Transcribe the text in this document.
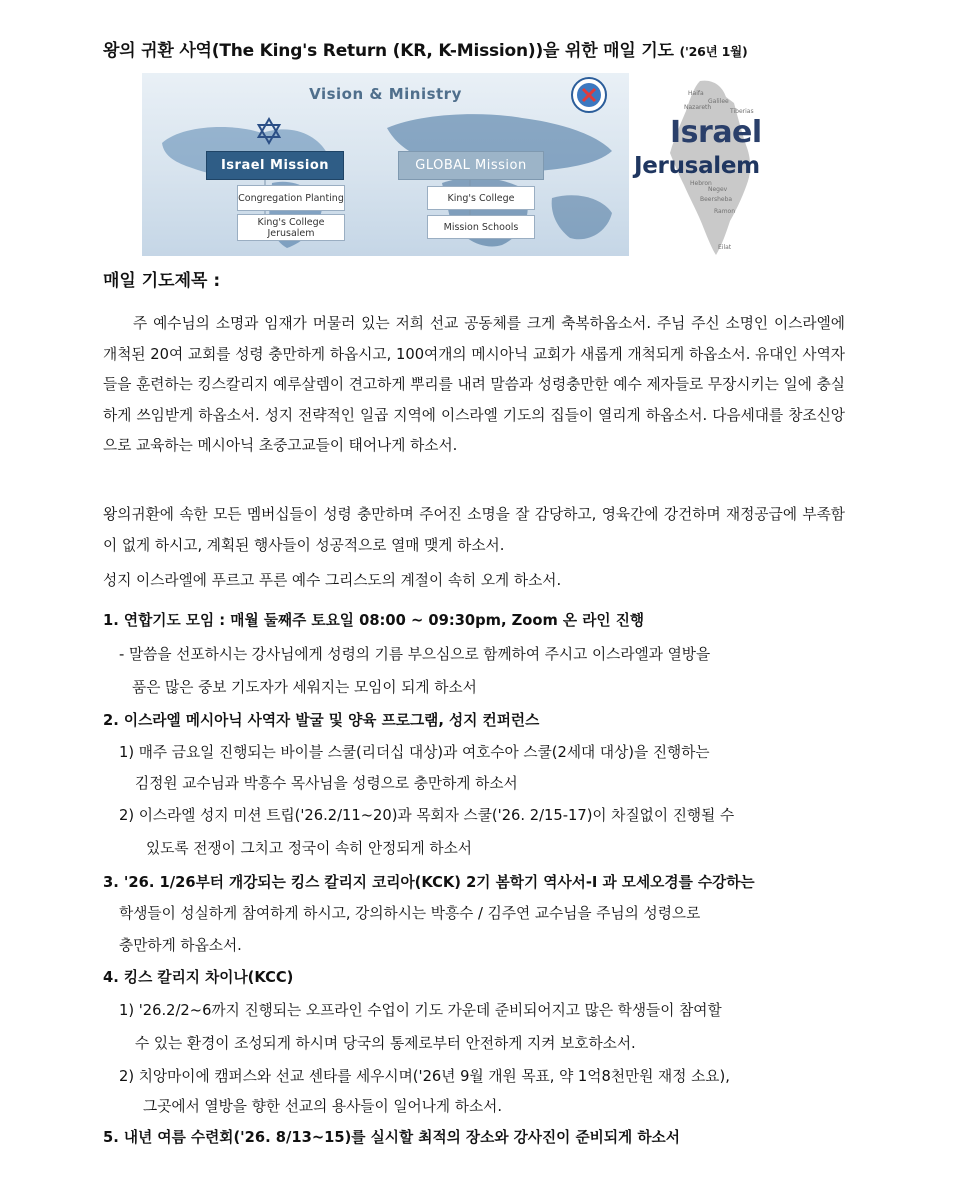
왕의 귀환 사역(The King's Return (KR, K-Mission))을 위한 매일 기도 ('26년 1월)
Vision & Ministry
Israel Mission	GLOBAL Mission
Congregation Planting
King's College Jerusalem
King's College
Mission Schools
Haifa
Galilee
Nazareth
Tiberias
Hebron
Negev
Beersheba
Ramon
Eilat
Israel
Jerusalem
매일 기도제목 :
주 예수님의 소명과 임재가 머물러 있는 저희 선교 공동체를 크게 축복하옵소서. 주님 주신 소명인 이스라엘에 개척된 20여 교회를 성령 충만하게 하옵시고, 100여개의 메시아닉 교회가 새롭게 개척되게 하옵소서. 유대인 사역자들을 훈련하는 킹스칼리지 예루살렘이 견고하게 뿌리를 내려 말씀과 성령충만한 예수 제자들로 무장시키는 일에 충실하게 쓰임받게 하옵소서. 성지 전략적인 일곱 지역에 이스라엘 기도의 집들이 열리게 하옵소서. 다음세대를 창조신앙으로 교육하는 메시아닉 초중고교들이 태어나게 하소서.
왕의귀환에 속한 모든 멤버십들이 성령 충만하며 주어진 소명을 잘 감당하고, 영육간에 강건하며 재정공급에 부족함이 없게 하시고, 계획된 행사들이 성공적으로 열매 맺게 하소서.
성지 이스라엘에 푸르고 푸른 예수 그리스도의 계절이 속히 오게 하소서.
1. 연합기도 모임 : 매월 둘째주 토요일 08:00 ~ 09:30pm, Zoom 온 라인 진행
- 말씀을 선포하시는 강사님에게 성령의 기름 부으심으로 함께하여 주시고 이스라엘과 열방을
품은 많은 중보 기도자가 세워지는 모임이 되게 하소서
2. 이스라엘 메시아닉 사역자 발굴 및 양육 프로그램, 성지 컨퍼런스
1) 매주 금요일 진행되는 바이블 스쿨(리더십 대상)과 여호수아 스쿨(2세대 대상)을 진행하는
김정원 교수님과 박흥수 목사님을 성령으로 충만하게 하소서
2) 이스라엘 성지 미션 트립('26.2/11~20)과 목회자 스쿨('26. 2/15-17)이 차질없이 진행될 수
있도록 전쟁이 그치고 정국이 속히 안정되게 하소서
3. '26. 1/26부터 개강되는 킹스 칼리지 코리아(KCK) 2기 봄학기 역사서-I 과 모세오경를 수강하는
학생들이 성실하게 참여하게 하시고, 강의하시는 박흥수 / 김주연 교수님을 주님의 성령으로
충만하게 하옵소서.
4. 킹스 칼리지 차이나(KCC)
1) '26.2/2~6까지 진행되는 오프라인 수업이 기도 가운데 준비되어지고 많은 학생들이 참여할
수 있는 환경이 조성되게 하시며 당국의 통제로부터 안전하게 지켜 보호하소서.
2) 치앙마이에 캠퍼스와 선교 센타를 세우시며('26년 9월 개원 목표, 약 1억8천만원 재정 소요),
그곳에서 열방을 향한 선교의 용사들이 일어나게 하소서.
5. 내년 여름 수련회('26. 8/13~15)를 실시할 최적의 장소와 강사진이 준비되게 하소서
